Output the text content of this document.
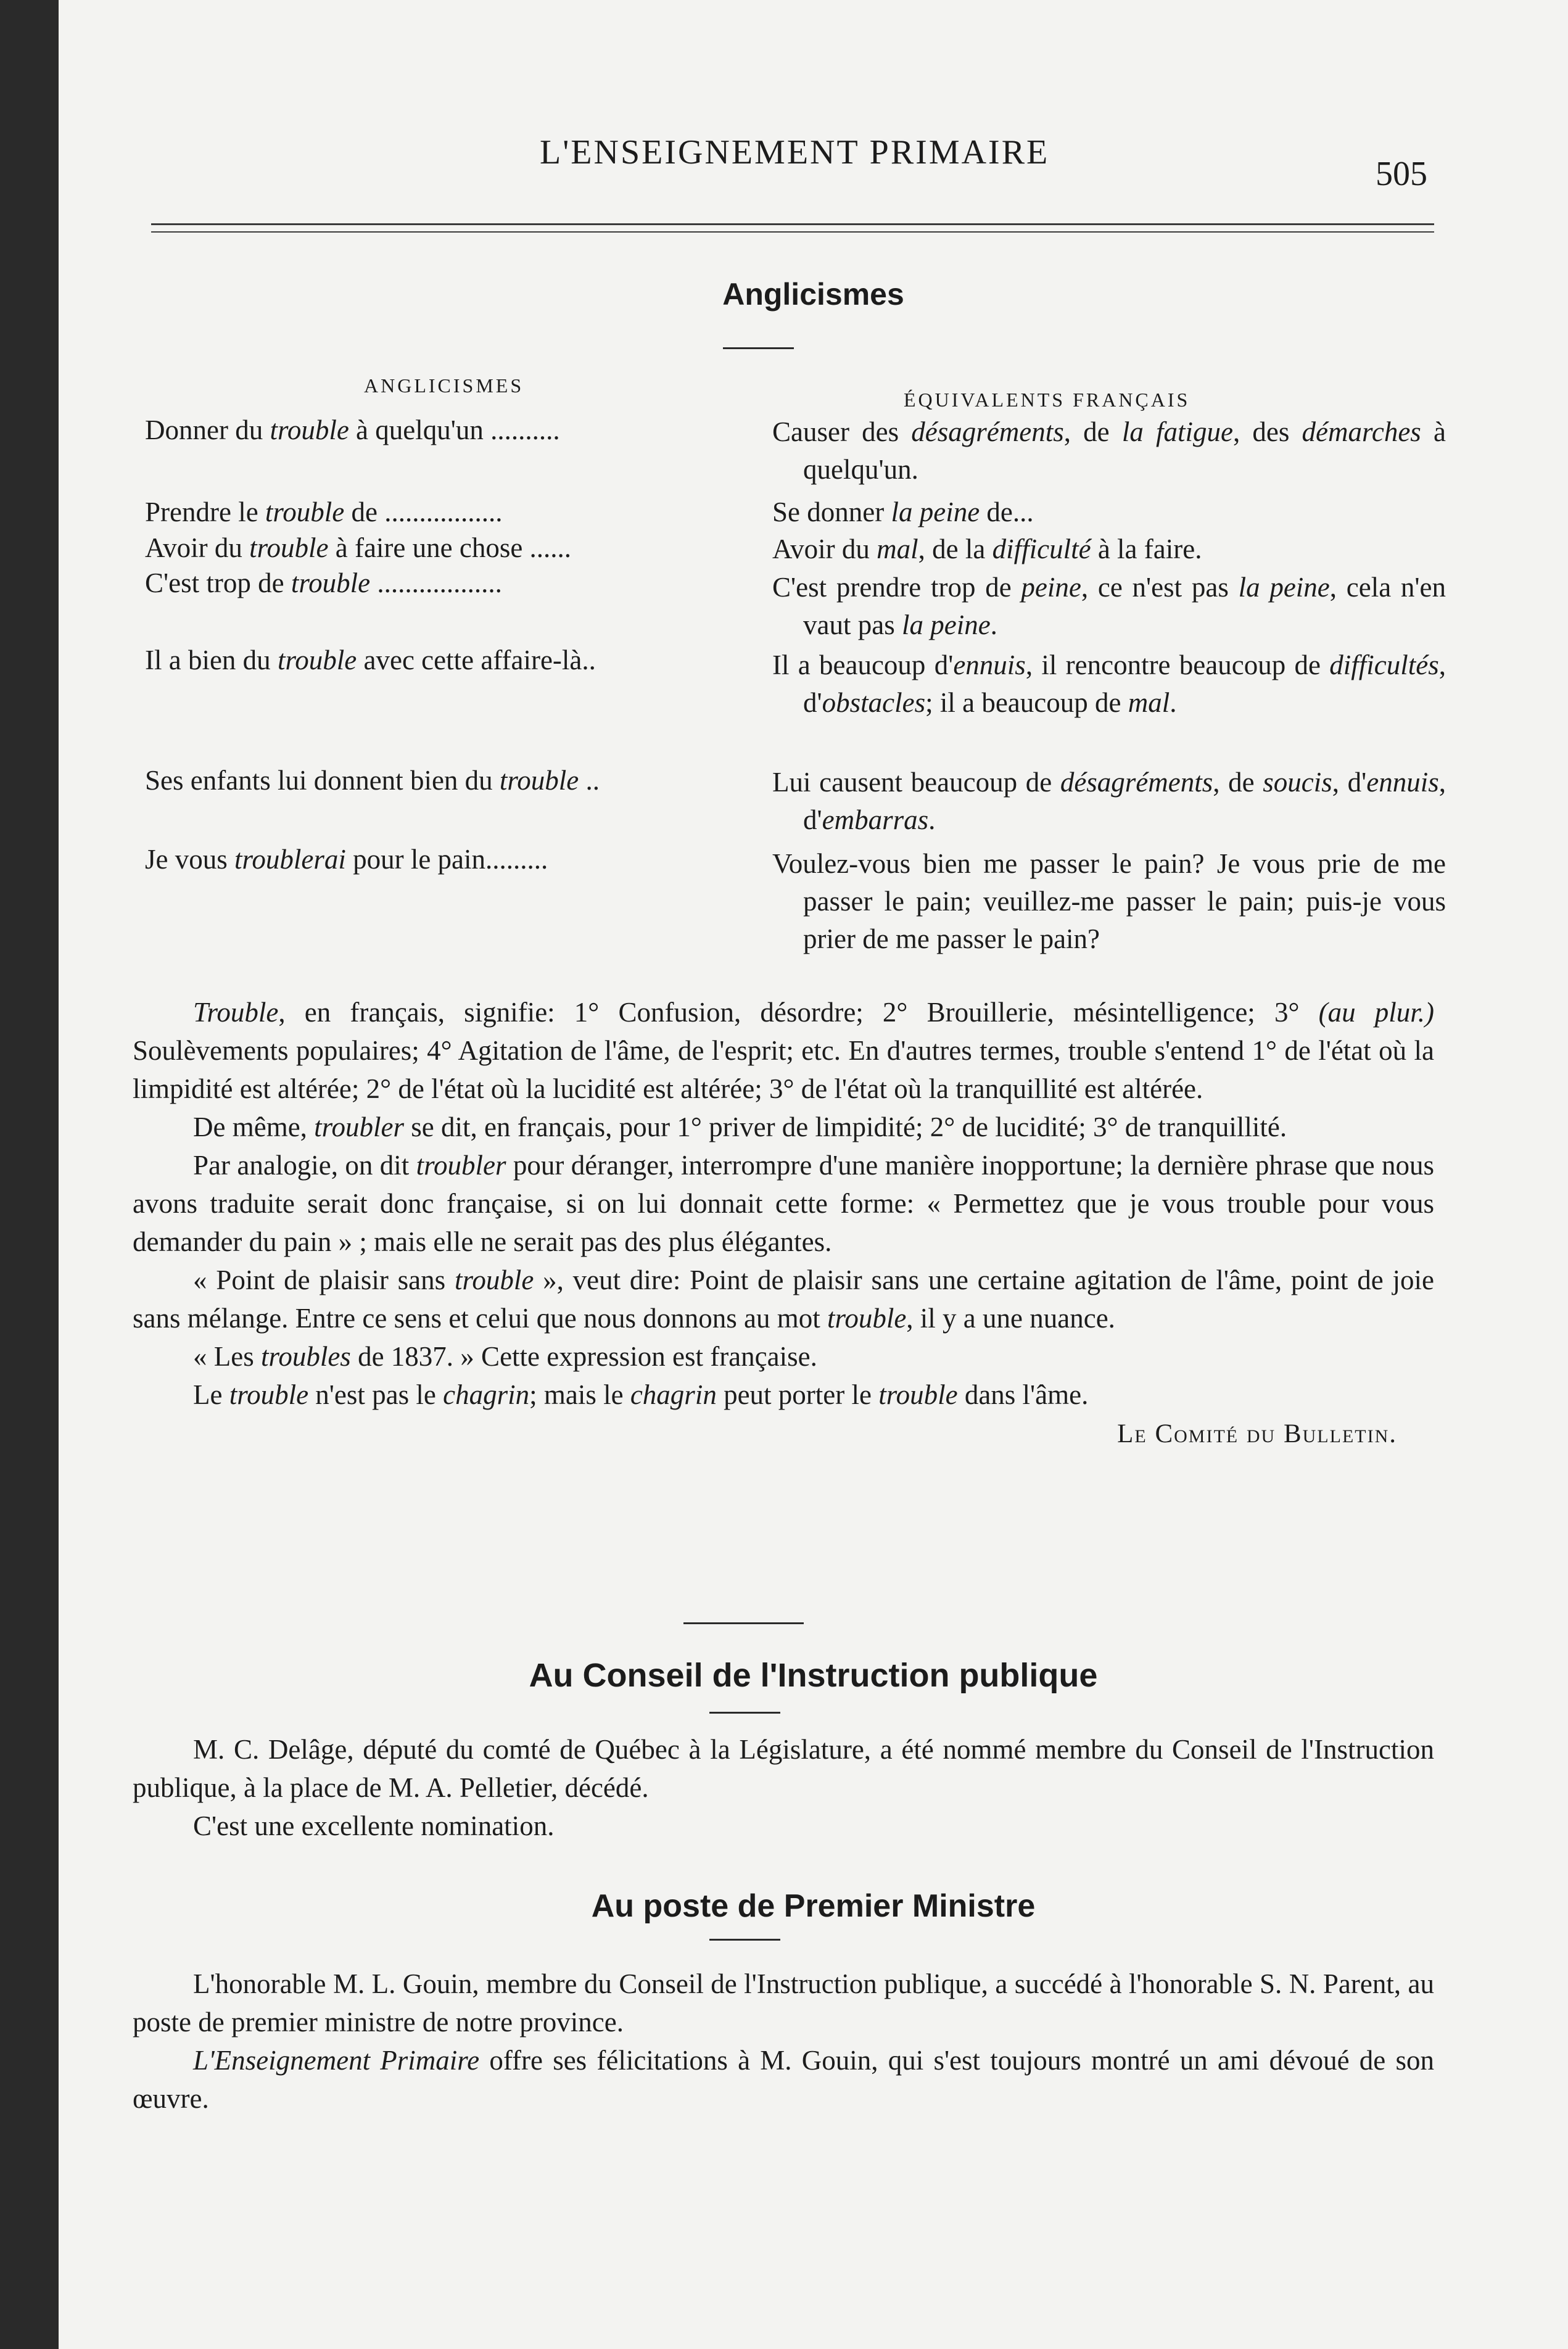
L'ENSEIGNEMENT PRIMAIRE
505
Anglicismes
ANGLICISMES
ÉQUIVALENTS FRANÇAIS
Donner du trouble à quelqu'un ..........	Causer des désagréments, de la fatigue, des démarches à quelqu'un.
Prendre le trouble de .................	Se donner la peine de...
Avoir du trouble à faire une chose ......	Avoir du mal, de la difficulté à la faire.
C'est trop de trouble ..................	C'est prendre trop de peine, ce n'est pas la peine, cela n'en vaut pas la peine.
Il a bien du trouble avec cette affaire-là..	Il a beaucoup d'ennuis, il rencontre beaucoup de difficultés, d'obstacles; il a beaucoup de mal.
Ses enfants lui donnent bien du trouble ..	Lui causent beaucoup de désagréments, de soucis, d'ennuis, d'embarras.
Je vous troublerai pour le pain.........	Voulez-vous bien me passer le pain? Je vous prie de me passer le pain; veuillez-me passer le pain; puis-je vous prier de me passer le pain?

Trouble, en français, signifie: 1° Confusion, désordre; 2° Brouillerie, mésintelligence; 3° (au plur.) Soulèvements populaires; 4° Agitation de l'âme, de l'esprit; etc. En d'autres termes, trouble s'entend 1° de l'état où la limpidité est altérée; 2° de l'état où la lucidité est altérée; 3° de l'état où la tranquillité est altérée.

De même, troubler se dit, en français, pour 1° priver de limpidité; 2° de lucidité; 3° de tranquillité.

Par analogie, on dit troubler pour déranger, interrompre d'une manière inopportune; la dernière phrase que nous avons traduite serait donc française, si on lui donnait cette forme: « Permettez que je vous trouble pour vous demander du pain » ; mais elle ne serait pas des plus élégantes.

« Point de plaisir sans trouble », veut dire: Point de plaisir sans une certaine agitation de l'âme, point de joie sans mélange. Entre ce sens et celui que nous donnons au mot trouble, il y a une nuance.

« Les troubles de 1837. » Cette expression est française.

Le trouble n'est pas le chagrin; mais le chagrin peut porter le trouble dans l'âme.

Le Comité du Bulletin.

Au Conseil de l'Instruction publique

M. C. Delâge, député du comté de Québec à la Législature, a été nommé membre du Conseil de l'Instruction publique, à la place de M. A. Pelletier, décédé.

C'est une excellente nomination.

Au poste de Premier Ministre

L'honorable M. L. Gouin, membre du Conseil de l'Instruction publique, a succédé à l'honorable S. N. Parent, au poste de premier ministre de notre province.

L'Enseignement Primaire offre ses félicitations à M. Gouin, qui s'est toujours montré un ami dévoué de son œuvre.
